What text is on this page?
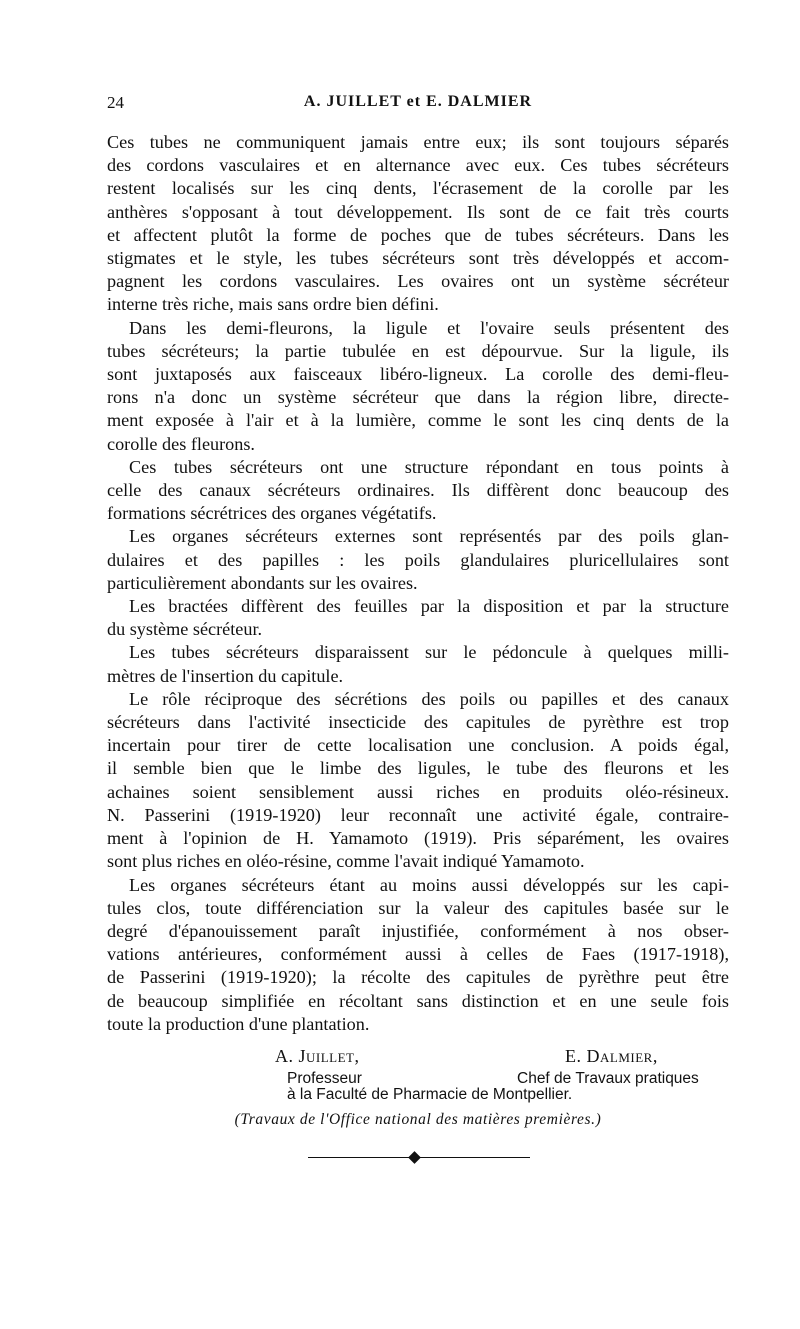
24	A. JUILLET et E. DALMIER

Ces tubes ne communiquent jamais entre eux; ils sont toujours séparés

des cordons vasculaires et en alternance avec eux. Ces tubes sécréteurs

restent localisés sur les cinq dents, l'écrasement de la corolle par les

anthères s'opposant à tout développement. Ils sont de ce fait très courts

et affectent plutôt la forme de poches que de tubes sécréteurs. Dans les

stigmates et le style, les tubes sécréteurs sont très développés et accom-

pagnent les cordons vasculaires. Les ovaires ont un système sécréteur

interne très riche, mais sans ordre bien défini.

Dans les demi-fleurons, la ligule et l'ovaire seuls présentent des

tubes sécréteurs; la partie tubulée en est dépourvue. Sur la ligule, ils

sont juxtaposés aux faisceaux libéro-ligneux. La corolle des demi-fleu-

rons n'a donc un système sécréteur que dans la région libre, directe-

ment exposée à l'air et à la lumière, comme le sont les cinq dents de la

corolle des fleurons.

Ces tubes sécréteurs ont une structure répondant en tous points à

celle des canaux sécréteurs ordinaires. Ils diffèrent donc beaucoup des

formations sécrétrices des organes végétatifs.

Les organes sécréteurs externes sont représentés par des poils glan-

dulaires et des papilles : les poils glandulaires pluricellulaires sont

particulièrement abondants sur les ovaires.

Les bractées diffèrent des feuilles par la disposition et par la structure

du système sécréteur.

Les tubes sécréteurs disparaissent sur le pédoncule à quelques milli-

mètres de l'insertion du capitule.

Le rôle réciproque des sécrétions des poils ou papilles et des canaux

sécréteurs dans l'activité insecticide des capitules de pyrèthre est trop

incertain pour tirer de cette localisation une conclusion. A poids égal,

il semble bien que le limbe des ligules, le tube des fleurons et les

achaines soient sensiblement aussi riches en produits oléo-résineux.

N. Passerini (1919-1920) leur reconnaît une activité égale, contraire-

ment à l'opinion de H. Yamamoto (1919). Pris séparément, les ovaires

sont plus riches en oléo-résine, comme l'avait indiqué Yamamoto.

Les organes sécréteurs étant au moins aussi développés sur les capi-

tules clos, toute différenciation sur la valeur des capitules basée sur le

degré d'épanouissement paraît injustifiée, conformément à nos obser-

vations antérieures, conformément aussi à celles de Faes (1917-1918),

de Passerini (1919-1920); la récolte des capitules de pyrèthre peut être

de beaucoup simplifiée en récoltant sans distinction et en une seule fois

toute la production d'une plantation.

A. Juillet,	E. Dalmier,
Professeur	Chef de Travaux pratiques
à la Faculté de Pharmacie de Montpellier.
(Travaux de l'Office national des matières premières.)
